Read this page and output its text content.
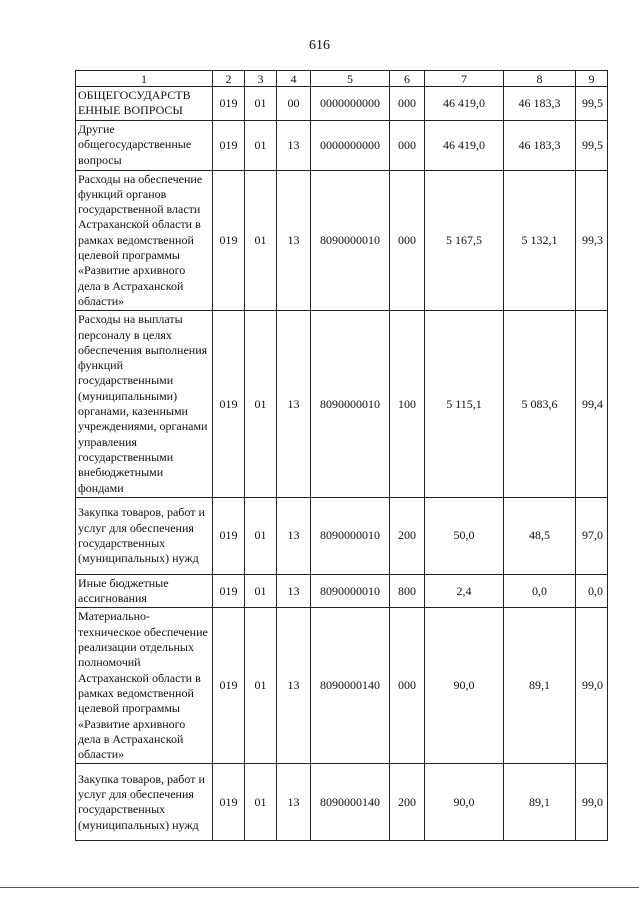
616
1	2	3	4	5	6	7	8	9
ОБЩЕГОСУДАРСТВ ЕННЫЕ ВОПРОСЫ	019	01	00	0000000000	000	46 419,0	46 183,3	99,5
Другие общегосударственные вопросы	019	01	13	0000000000	000	46 419,0	46 183,3	99,5
Расходы на обеспечение функций органов государственной власти Астраханской области в рамках ведомственной целевой программы «Развитие архивного дела в Астраханской области»	019	01	13	8090000010	000	5 167,5	5 132,1	99,3
Расходы на выплаты персоналу в целях обеспечения выполнения функций государственными (муниципальными) органами, казенными учреждениями, органами управления государственными внебюджетными фондами	019	01	13	8090000010	100	5 115,1	5 083,6	99,4
Закупка товаров, работ и услуг для обеспечения государственных (муниципальных) нужд	019	01	13	8090000010	200	50,0	48,5	97,0
Иные бюджетные ассигнования	019	01	13	8090000010	800	2,4	0,0	0,0
Материально-техническое обеспечение реализации отдельных полномочий Астраханской области в рамках ведомственной целевой программы «Развитие архивного дела в Астраханской области»	019	01	13	8090000140	000	90,0	89,1	99,0
Закупка товаров, работ и услуг для обеспечения государственных (муниципальных) нужд	019	01	13	8090000140	200	90,0	89,1	99,0
